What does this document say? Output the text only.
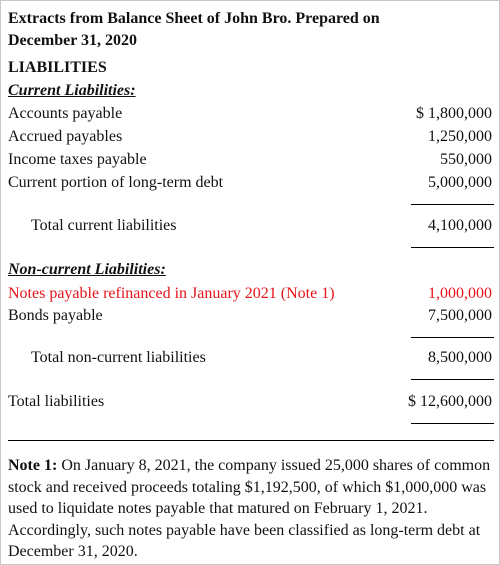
Extracts from Balance Sheet of John Bro. Prepared on December 31, 2020
LIABILITIES
Current Liabilities:
Accounts payable	$ 1,800,000
Accrued payables	1,250,000
Income taxes payable	550,000
Current portion of long-term debt	5,000,000
Total current liabilities	4,100,000
Non-current Liabilities:
Notes payable refinanced in January 2021 (Note 1)	1,000,000
Bonds payable	7,500,000
Total non-current liabilities	8,500,000
Total liabilities	$ 12,600,000
Note 1: On January 8, 2021, the company issued 25,000 shares of common stock and received proceeds totaling $1,192,500, of which $1,000,000 was used to liquidate notes payable that matured on February 1, 2021. Accordingly, such notes payable have been classified as long-term debt at December 31, 2020.
